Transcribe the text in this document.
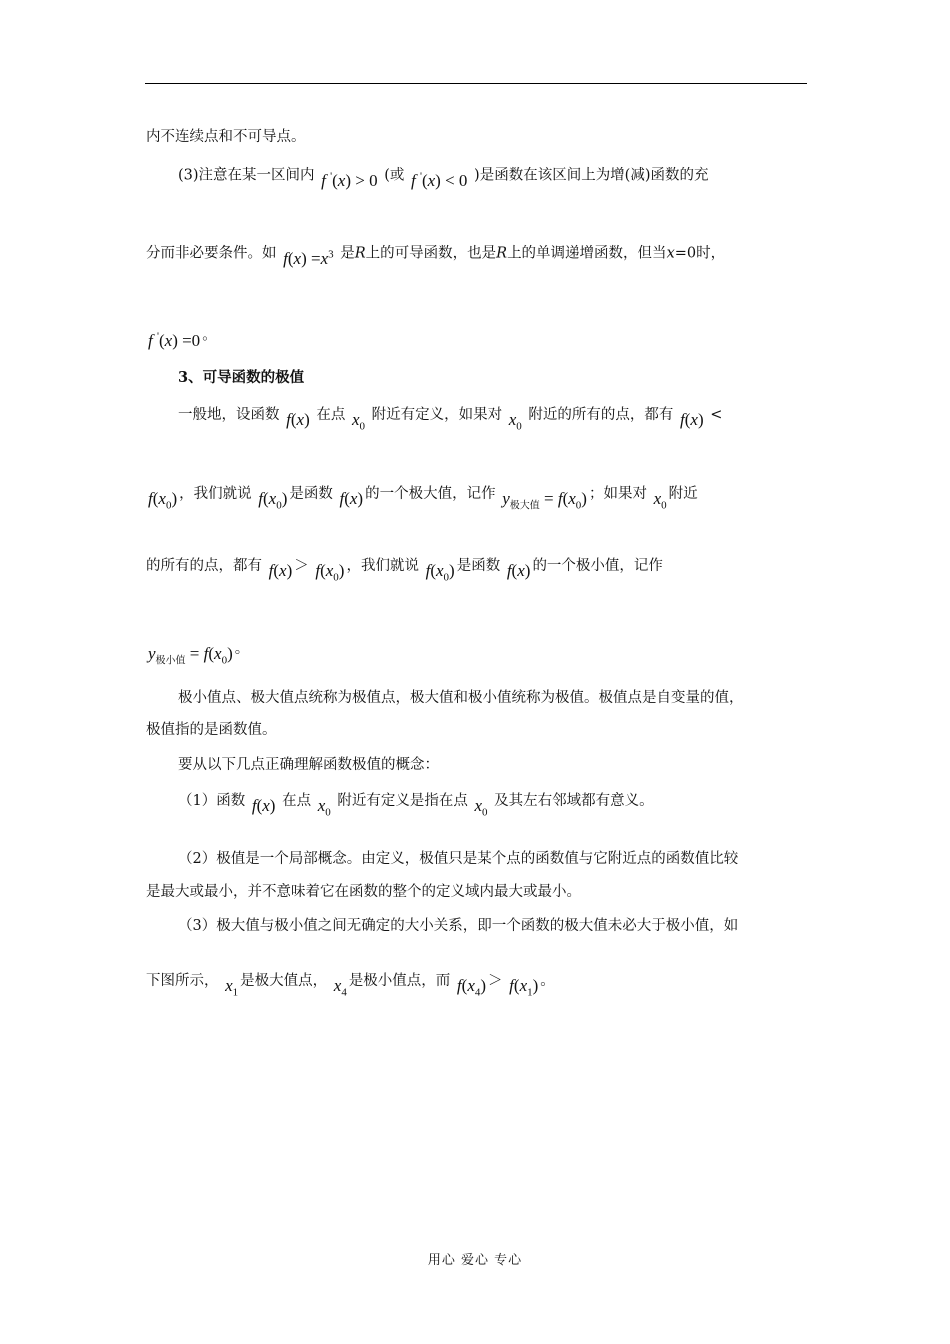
内不连续点和不可导点。
(3)注意在某一区间内 f '(x) > 0 (或 f '(x) < 0 )是函数在该区间上为增(减)函数的充
分而非必要条件。如 $f(x) =x^3$ 是R上的可导函数，也是R上的单调递增函数，但当x=0时，
f '(x) =0 。
3、可导函数的极值
一般地，设函数 f(x) 在点 $x_0$ 附近有定义，如果对 $x_0$ 附近的所有的点，都有 f(x) <
$f(x_0)$ ，我们就说 $f(x_0)$ 是函数 f(x) 的一个极大值，记作 $y_{极大值} = f(x_0)$ ；如果对 $x_0$附近
的所有的点，都有 $f(x) > f(x_0)$ ，我们就说 $f(x_0)$ 是函数 f(x) 的一个极小值，记作
$y_{极小值} = f(x_0)$ 。
极小值点、极大值点统称为极值点，极大值和极小值统称为极值。极值点是自变量的值，
极值指的是函数值。
要从以下几点正确理解函数极值的概念：
（1）函数 f(x) 在点 $x_0$ 附近有定义是指在点 $x_0$ 及其左右邻域都有意义。
（2）极值是一个局部概念。由定义，极值只是某个点的函数值与它附近点的函数值比较
是最大或最小，并不意味着它在函数的整个的定义域内最大或最小。
（3）极大值与极小值之间无确定的大小关系，即一个函数的极大值未必大于极小值，如
下图所示， $x_1$是极大值点， $x_4$是极小值点，而 $f(x_4) > f(x_1)$ 。
用心 爱心 专心
